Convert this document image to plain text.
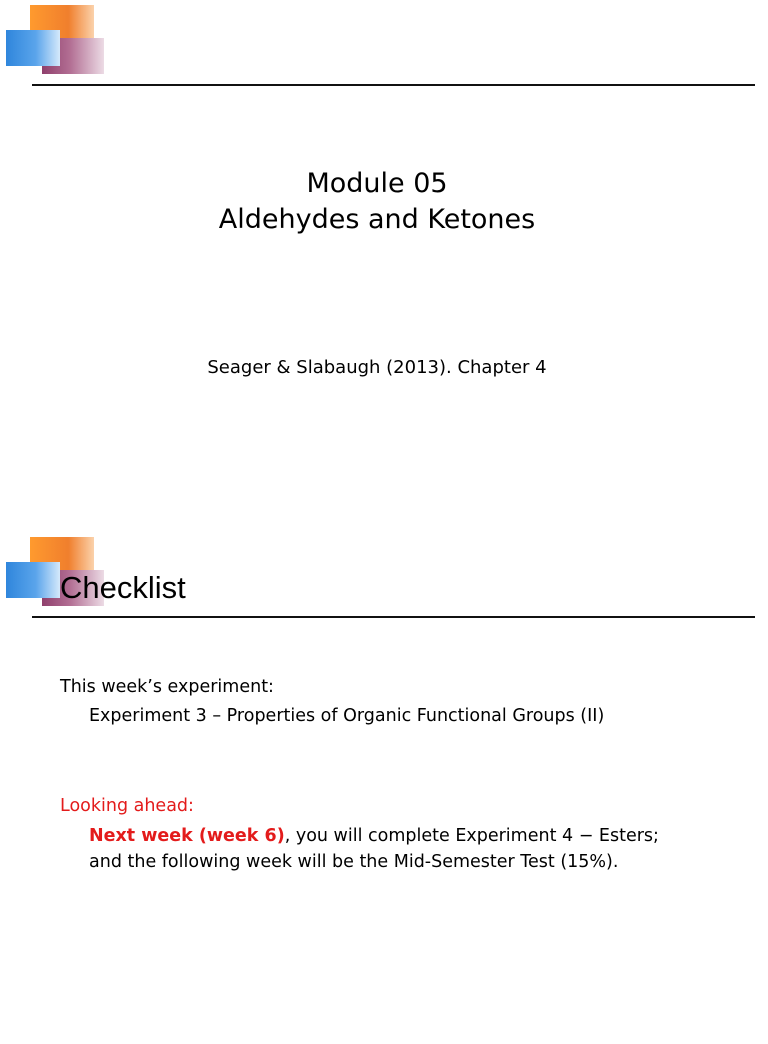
Module 05
Aldehydes and Ketones
Seager & Slabaugh (2013). Chapter 4
Checklist
This week’s experiment:
Experiment 3 – Properties of Organic Functional Groups (II)
Looking ahead:
Next week (week 6), you will complete Experiment 4 − Esters;
and the following week will be the Mid-Semester Test (15%).
